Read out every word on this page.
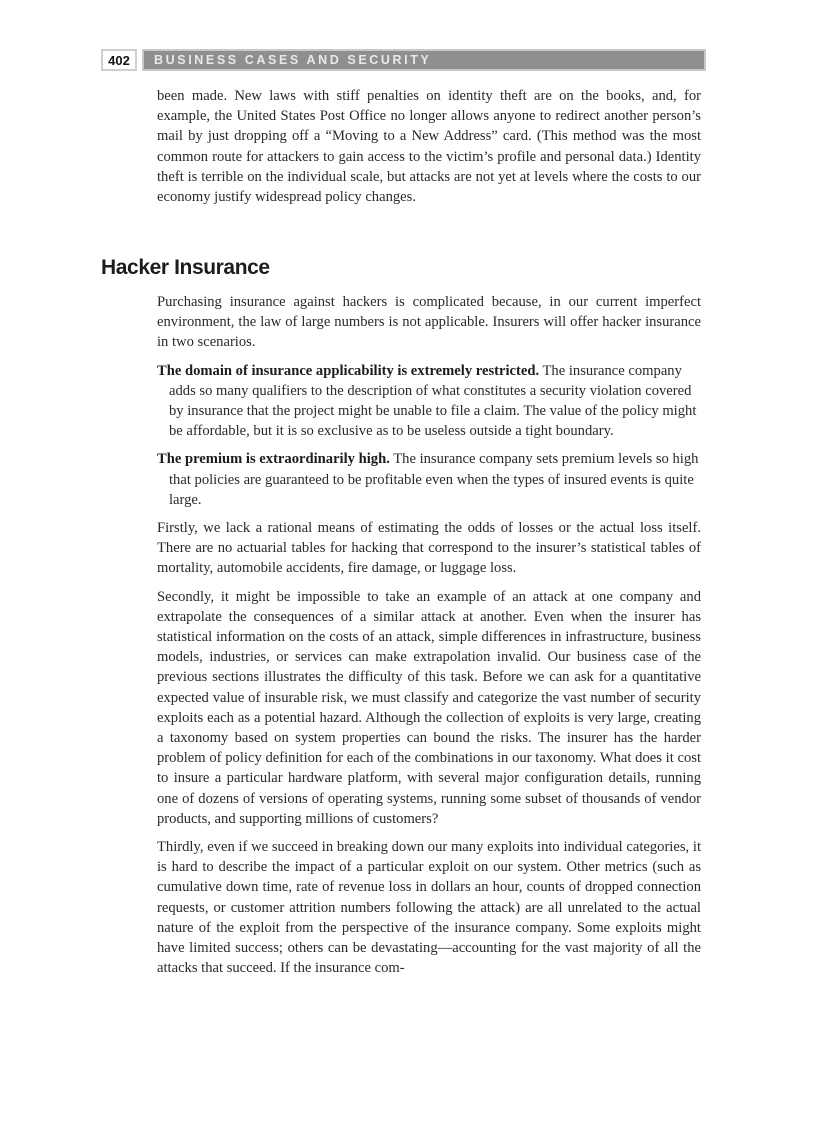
402	BUSINESS CASES AND SECURITY

been made. New laws with stiff penalties on identity theft are on the books, and, for example, the United States Post Office no longer allows anyone to redirect another person’s mail by just dropping off a “Moving to a New Address” card. (This method was the most common route for attackers to gain access to the victim’s profile and personal data.) Identity theft is terrible on the individual scale, but attacks are not yet at levels where the costs to our economy justify widespread policy changes.

Hacker Insurance

Purchasing insurance against hackers is complicated because, in our current imperfect environment, the law of large numbers is not applicable. Insurers will offer hacker insurance in two scenarios.

The domain of insurance applicability is extremely restricted. The insurance company adds so many qualifiers to the description of what constitutes a security violation covered by insurance that the project might be unable to file a claim. The value of the policy might be affordable, but it is so exclusive as to be useless outside a tight boundary.

The premium is extraordinarily high. The insurance company sets premium levels so high that policies are guaranteed to be profitable even when the types of insured events is quite large.

Firstly, we lack a rational means of estimating the odds of losses or the actual loss itself. There are no actuarial tables for hacking that correspond to the insurer’s statistical tables of mortality, automobile accidents, fire damage, or luggage loss.

Secondly, it might be impossible to take an example of an attack at one company and extrapolate the consequences of a similar attack at another. Even when the insurer has statistical information on the costs of an attack, simple differences in infrastructure, business models, industries, or services can make extrapolation invalid. Our business case of the previous sections illustrates the difficulty of this task. Before we can ask for a quantitative expected value of insurable risk, we must classify and categorize the vast number of security exploits each as a potential hazard. Although the collection of exploits is very large, creating a taxonomy based on system properties can bound the risks. The insurer has the harder problem of policy definition for each of the combinations in our taxonomy. What does it cost to insure a particular hardware platform, with several major configuration details, running one of dozens of versions of operating systems, running some subset of thousands of vendor products, and supporting millions of customers?

Thirdly, even if we succeed in breaking down our many exploits into individual categories, it is hard to describe the impact of a particular exploit on our system. Other metrics (such as cumulative down time, rate of revenue loss in dollars an hour, counts of dropped connection requests, or customer attrition numbers following the attack) are all unrelated to the actual nature of the exploit from the perspective of the insurance company. Some exploits might have limited success; others can be devastating—accounting for the vast majority of all the attacks that succeed. If the insurance com-
